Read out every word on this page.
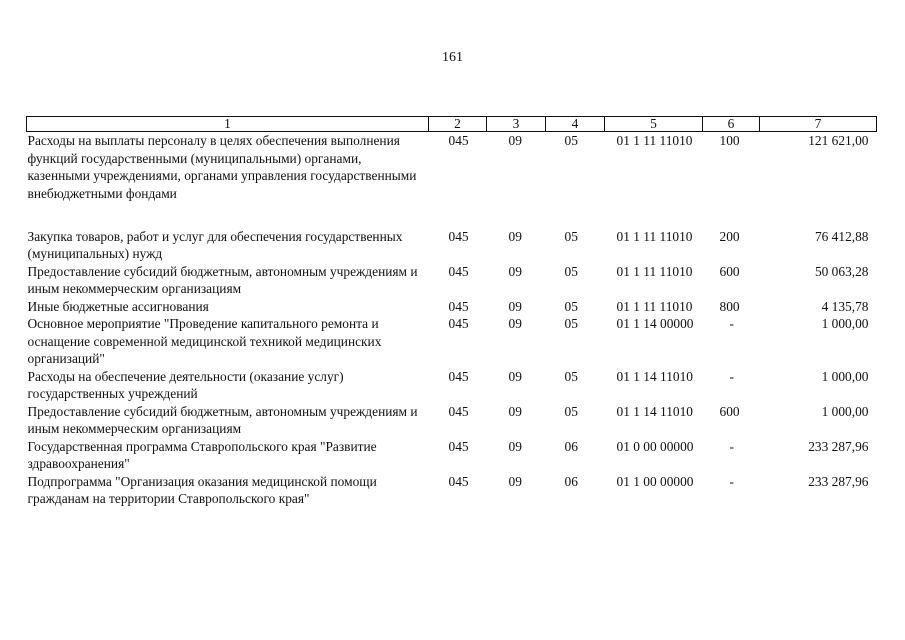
161
1	2	3	4	5	6	7
Расходы на выплаты персоналу в целях обеспечения выполнения функций государственными (муниципальными) органами, казенными учреждениями, органами управления государственными внебюджетными фондами	045	09	05	01 1 11 11010	100	121 621,00
Закупка товаров, работ и услуг для обеспечения государственных (муниципальных) нужд	045	09	05	01 1 11 11010	200	76 412,88
Предоставление субсидий бюджетным, автономным учреждениям и иным некоммерческим организациям	045	09	05	01 1 11 11010	600	50 063,28
Иные бюджетные ассигнования	045	09	05	01 1 11 11010	800	4 135,78
Основное мероприятие "Проведение капитального ремонта и оснащение современной медицинской техникой медицинских организаций"	045	09	05	01 1 14 00000	-	1 000,00
Расходы на обеспечение деятельности (оказание услуг) государственных учреждений	045	09	05	01 1 14 11010	-	1 000,00
Предоставление субсидий бюджетным, автономным учреждениям и иным некоммерческим организациям	045	09	05	01 1 14 11010	600	1 000,00
Государственная программа Ставропольского края "Развитие здравоохранения"	045	09	06	01 0 00 00000	-	233 287,96
Подпрограмма "Организация оказания медицинской помощи гражданам на территории Ставропольского края"	045	09	06	01 1 00 00000	-	233 287,96
